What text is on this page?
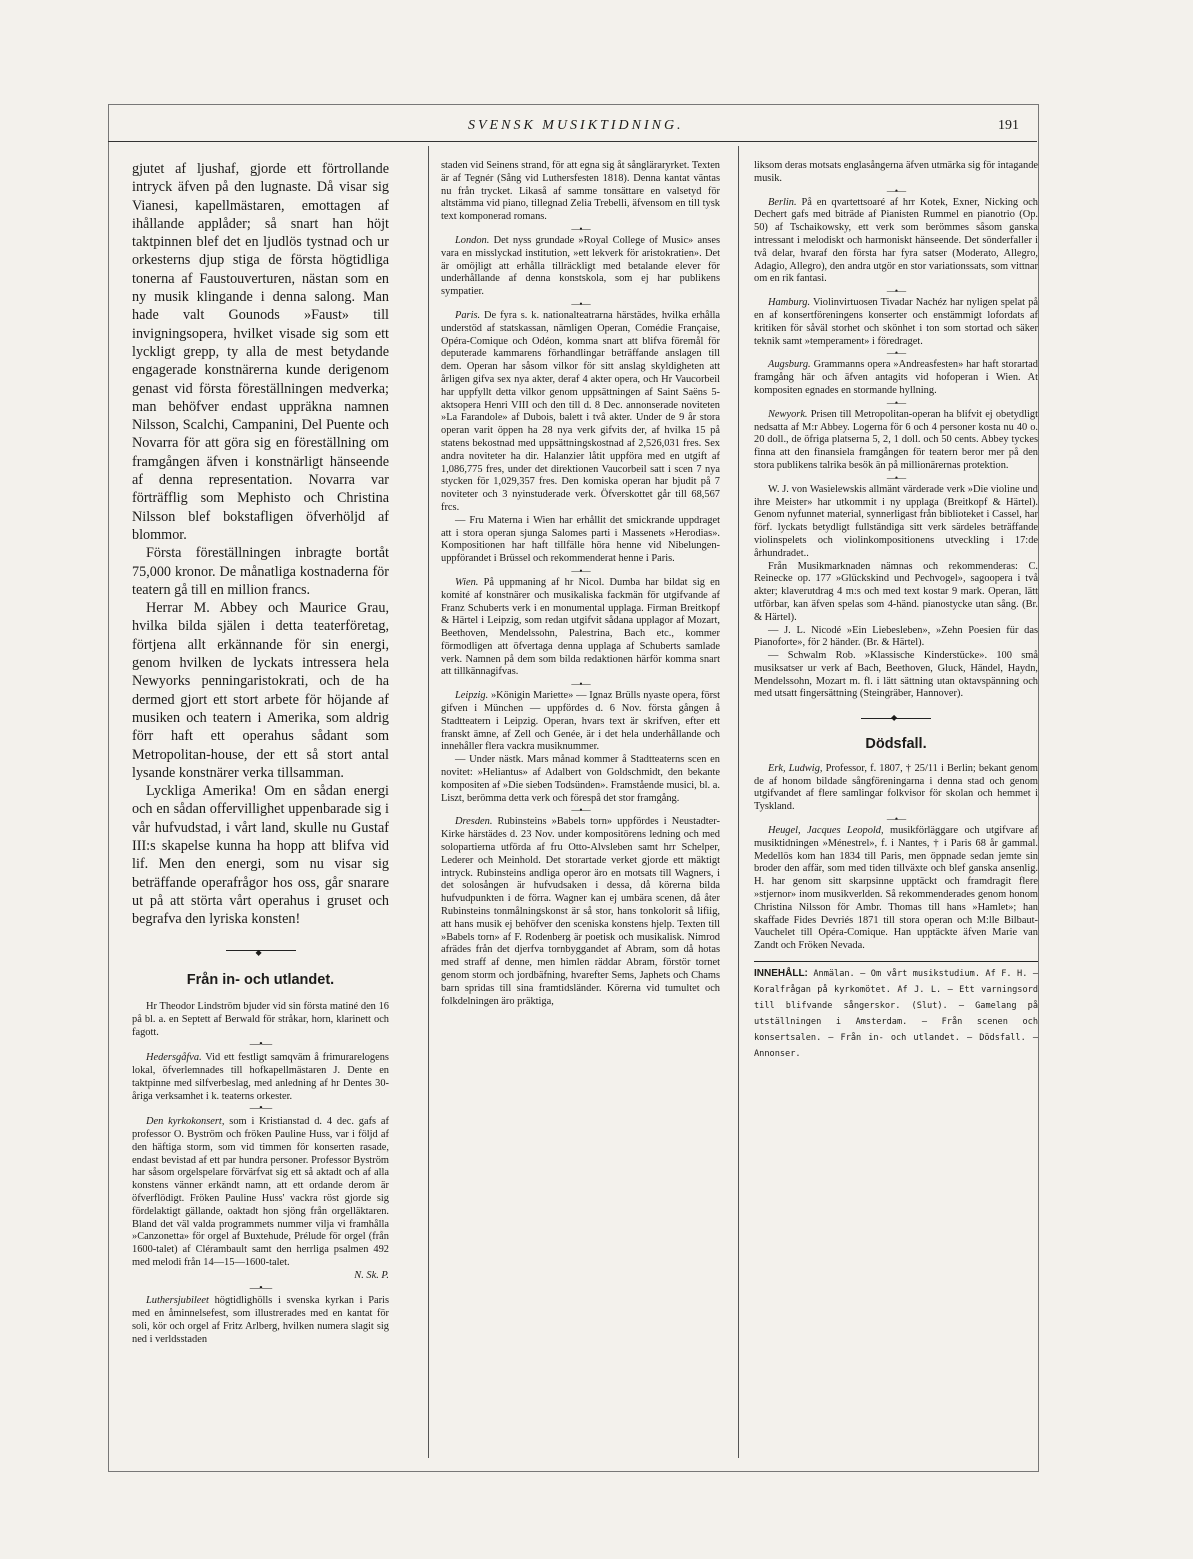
SVENSK MUSIKTIDNING.	191

gjutet af ljushaf, gjorde ett förtrollande intryck äfven på den lugnaste. Då visar sig Vianesi, kapellmästaren, emottagen af ihållande applåder; så snart han höjt taktpinnen blef det en ljudlös tystnad och ur orkesterns djup stiga de första högtidliga tonerna af Faustouverturen, nästan som en ny musik klingande i denna salong. Man hade valt Gounods »Faust» till invigningsopera, hvilket visade sig som ett lyckligt grepp, ty alla de mest betydande engagerade konstnärerna kunde derigenom genast vid första föreställningen medverka; man behöfver endast uppräkna namnen Nilsson, Scalchi, Campanini, Del Puente och Novarra för att göra sig en föreställning om framgången äfven i konstnärligt hänseende af denna representation. Novarra var förträfflig som Mephisto och Christina Nilsson blef bokstafligen öfverhöljd af blommor.

Första föreställningen inbragte bortåt 75,000 kronor. De månatliga kostnaderna för teatern gå till en million francs.

Herrar M. Abbey och Maurice Grau, hvilka bilda själen i detta teaterföretag, förtjena allt erkännande för sin energi, genom hvilken de lyckats intressera hela Newyorks penningaristokrati, och de ha dermed gjort ett stort arbete för höjande af musiken och teatern i Amerika, som aldrig förr haft ett operahus sådant som Metropolitan-house, der ett så stort antal lysande konstnärer verka tillsamman.

Lyckliga Amerika! Om en sådan energi och en sådan offervillighet uppenbarade sig i vår hufvudstad, i vårt land, skulle nu Gustaf III:s skapelse kunna ha hopp att blifva vid lif. Men den energi, som nu visar sig beträffande operafrågor hos oss, går snarare ut på att störta vårt operahus i gruset och begrafva den lyriska konsten!

◆
Från in- och utlandet.

Hr Theodor Lindström bjuder vid sin första matiné den 16 på bl. a. en Septett af Berwald för stråkar, horn, klarinett och fagott.

—•—

Hedersgåfva. Vid ett festligt samqväm å frimurarelogens lokal, öfverlemnades till hofkapellmästaren J. Dente en taktpinne med silfverbeslag, med anledning af hr Dentes 30-åriga verksamhet i k. teaterns orkester.

—•—

Den kyrkokonsert, som i Kristianstad d. 4 dec. gafs af professor O. Byström och fröken Pauline Huss, var i följd af den häftiga storm, som vid timmen för konserten rasade, endast bevistad af ett par hundra personer. Professor Byström har såsom orgelspelare förvärfvat sig ett så aktadt och af alla konstens vänner erkändt namn, att ett ordande derom är öfverflödigt. Fröken Pauline Huss' vackra röst gjorde sig fördelaktigt gällande, oaktadt hon sjöng från orgelläktaren. Bland det väl valda programmets nummer vilja vi framhålla »Canzonetta» för orgel af Buxtehude, Prélude för orgel (från 1600-talet) af Clérambault samt den herrliga psalmen 492 med melodi från 14—15—1600-talet.

N. Sk. P.

—•—

Luthersjubileet högtidlighölls i svenska kyrkan i Paris med en åminnelsefest, som illustrerades med en kantat för soli, kör och orgel af Fritz Arlberg, hvilken numera slagit sig ned i verldsstaden

staden vid Seinens strand, för att egna sig åt sångläraryrket. Texten är af Tegnér (Sång vid Luthersfesten 1818). Denna kantat väntas nu från trycket. Likaså af samme tonsättare en valsetyd för altstämma vid piano, tillegnad Zelia Trebelli, äfvensom en till tysk text komponerad romans.

—•—

London. Det nyss grundade »Royal College of Music» anses vara en misslyckad institution, »ett lekverk för aristokratien». Det är omöjligt att erhålla tillräckligt med betalande elever för underhållande af denna konstskola, som ej har publikens sympatier.

—•—

Paris. De fyra s. k. nationalteatrarna härstädes, hvilka erhålla understöd af statskassan, nämligen Operan, Comédie Française, Opéra-Comique och Odéon, komma snart att blifva föremål för deputerade kammarens förhandlingar beträffande anslagen till dem. Operan har såsom vilkor för sitt anslag skyldigheten att årligen gifva sex nya akter, deraf 4 akter opera, och Hr Vaucorbeil har uppfyllt detta vilkor genom uppsättningen af Saint Saëns 5-aktsopera Henri VIII och den till d. 8 Dec. annonserade noviteten »La Farandole» af Dubois, balett i två akter. Under de 9 år stora operan varit öppen ha 28 nya verk gifvits der, af hvilka 15 på statens bekostnad med uppsättningskostnad af 2,526,031 fres. Sex andra noviteter ha dir. Halanzier låtit uppföra med en utgift af 1,086,775 fres, under det direktionen Vaucorbeil satt i scen 7 nya stycken för 1,029,357 fres. Den komiska operan har bjudit på 7 noviteter och 3 nyinstuderade verk. Öfverskottet går till 68,567 frcs.

— Fru Materna i Wien har erhållit det smickrande uppdraget att i stora operan sjunga Salomes parti i Massenets »Herodias». Kompositionen har haft tillfälle höra henne vid Nibelungen-uppförandet i Brüssel och rekommenderat henne i Paris.

—•—

Wien. På uppmaning af hr Nicol. Dumba har bildat sig en komité af konstnärer och musikaliska fackmän för utgifvande af Franz Schuberts verk i en monumental upplaga. Firman Breitkopf & Härtel i Leipzig, som redan utgifvit sådana upplagor af Mozart, Beethoven, Mendelssohn, Palestrina, Bach etc., kommer förmodligen att öfvertaga denna upplaga af Schuberts samlade verk. Namnen på dem som bilda redaktionen härför komma snart att tillkännagifvas.

—•—

Leipzig. »Königin Mariette» — Ignaz Brülls nyaste opera, först gifven i München — uppfördes d. 6 Nov. första gången å Stadtteatern i Leipzig. Operan, hvars text är skrifven, efter ett franskt ämne, af Zell och Genée, är i det hela underhållande och innehåller flera vackra musiknummer.

— Under nästk. Mars månad kommer å Stadtteaterns scen en novitet: »Heliantus» af Adalbert von Goldschmidt, den bekante kompositen af »Die sieben Todsünden». Framstående musici, bl. a. Liszt, berömma detta verk och förespå det stor framgång.

—•—

Dresden. Rubinsteins »Babels torn» uppfördes i Neustadter-Kirke härstädes d. 23 Nov. under kompositörens ledning och med solopartierna utförda af fru Otto-Alvsleben samt hrr Schelper, Lederer och Meinhold. Det storartade verket gjorde ett mäktigt intryck. Rubinsteins andliga operor äro en motsats till Wagners, i det solosången är hufvudsaken i dessa, då körerna bilda hufvudpunkten i de förra. Wagner kan ej umbära scenen, då åter Rubinsteins tonmålningskonst är så stor, hans tonkolorit så lifiig, att hans musik ej behöfver den sceniska konstens hjelp. Texten till »Babels torn» af F. Rodenberg är poetisk och musikalisk. Nimrod afrädes från det djerfva tornbyggandet af Abram, som då hotas med straff af denne, men himlen räddar Abram, förstör tornet genom storm och jordbäfning, hvarefter Sems, Japhets och Chams barn spridas till sina framtidsländer. Körerna vid tumultet och folkdelningen äro präktiga,

liksom deras motsats englasångerna äfven utmärka sig för intagande musik.

—•—

Berlin. På en qvartettsoaré af hrr Kotek, Exner, Nicking och Dechert gafs med biträde af Pianisten Rummel en pianotrio (Op. 50) af Tschaikowsky, ett verk som berömmes såsom ganska intressant i melodiskt och harmoniskt hänseende. Det sönderfaller i två delar, hvaraf den första har fyra satser (Moderato, Allegro, Adagio, Allegro), den andra utgör en stor variationssats, som vittnar om en rik fantasi.

—•—

Hamburg. Violinvirtuosen Tivadar Nachéz har nyligen spelat på en af konsertföreningens konserter och enstämmigt lofordats af kritiken för såväl storhet och skönhet i ton som stortad och säker teknik samt »temperament» i föredraget.

—•—

Augsburg. Grammanns opera »Andreasfesten» har haft storartad framgång här och äfven antagits vid hofoperan i Wien. At kompositen egnades en stormande hyllning.

—•—

Newyork. Prisen till Metropolitan-operan ha blifvit ej obetydligt nedsatta af M:r Abbey. Logerna för 6 och 4 personer kosta nu 40 o. 20 doll., de öfriga platserna 5, 2, 1 doll. och 50 cents. Abbey tyckes finna att den finansiela framgången för teatern beror mer på den stora publikens talrika besök än på millionärernas protektion.

—•—

W. J. von Wasielewskis allmänt värderade verk »Die violine und ihre Meister» har utkommit i ny upplaga (Breitkopf & Härtel). Genom nyfunnet material, synnerligast från biblioteket i Cassel, har förf. lyckats betydligt fullständiga sitt verk särdeles beträffande violinspelets och violinkompositionens utveckling i 17:de århundradet..

Från Musikmarknaden nämnas och rekommenderas: C. Reinecke op. 177 »Glückskind und Pechvogel», sagoopera i två akter; klaverutdrag 4 m:s och med text kostar 9 mark. Operan, lätt utförbar, kan äfven spelas som 4-händ. pianostycke utan sång. (Br. & Härtel).

— J. L. Nicodé »Ein Liebesleben», »Zehn Poesien für das Pianoforte», för 2 händer. (Br. & Härtel).

— Schwalm Rob. »Klassische Kinderstücke». 100 små musiksatser ur verk af Bach, Beethoven, Gluck, Händel, Haydn, Mendelssohn, Mozart m. fl. i lätt sättning utan oktavspänning och med utsatt fingersättning (Steingräber, Hannover).

◆
Dödsfall.

Erk, Ludwig, Professor, f. 1807, † 25/11 i Berlin; bekant genom de af honom bildade sångföreningarna i denna stad och genom utgifvandet af flere samlingar folkvisor för skolan och hemmet i Tyskland.

—•—

Heugel, Jacques Leopold, musikförläggare och utgifvare af musiktidningen »Ménestrel», f. i Nantes, † i Paris 68 år gammal. Medellös kom han 1834 till Paris, men öppnade sedan jemte sin broder den affär, som med tiden tillväxte och blef ganska ansenlig. H. har genom sitt skarpsinne upptäckt och framdragit flere »stjernor» inom musikverlden. Så rekommenderades genom honom Christina Nilsson för Ambr. Thomas till hans »Hamlet»; han skaffade Fides Devriés 1871 till stora operan och M:lle Bilbaut-Vauchelet till Opéra-Comique. Han upptäckte äfven Marie van Zandt och Fröken Nevada.

INNEHÅLL: Anmälan. — Om vårt musikstudium. Af F. H. — Koralfrågan på kyrkomötet. Af J. L. — Ett varningsord till blifvande sångerskor. (Slut). — Gamelang på utställningen i Amsterdam. — Från scenen och konsertsalen. — Från in- och utlandet. — Dödsfall. — Annonser.
